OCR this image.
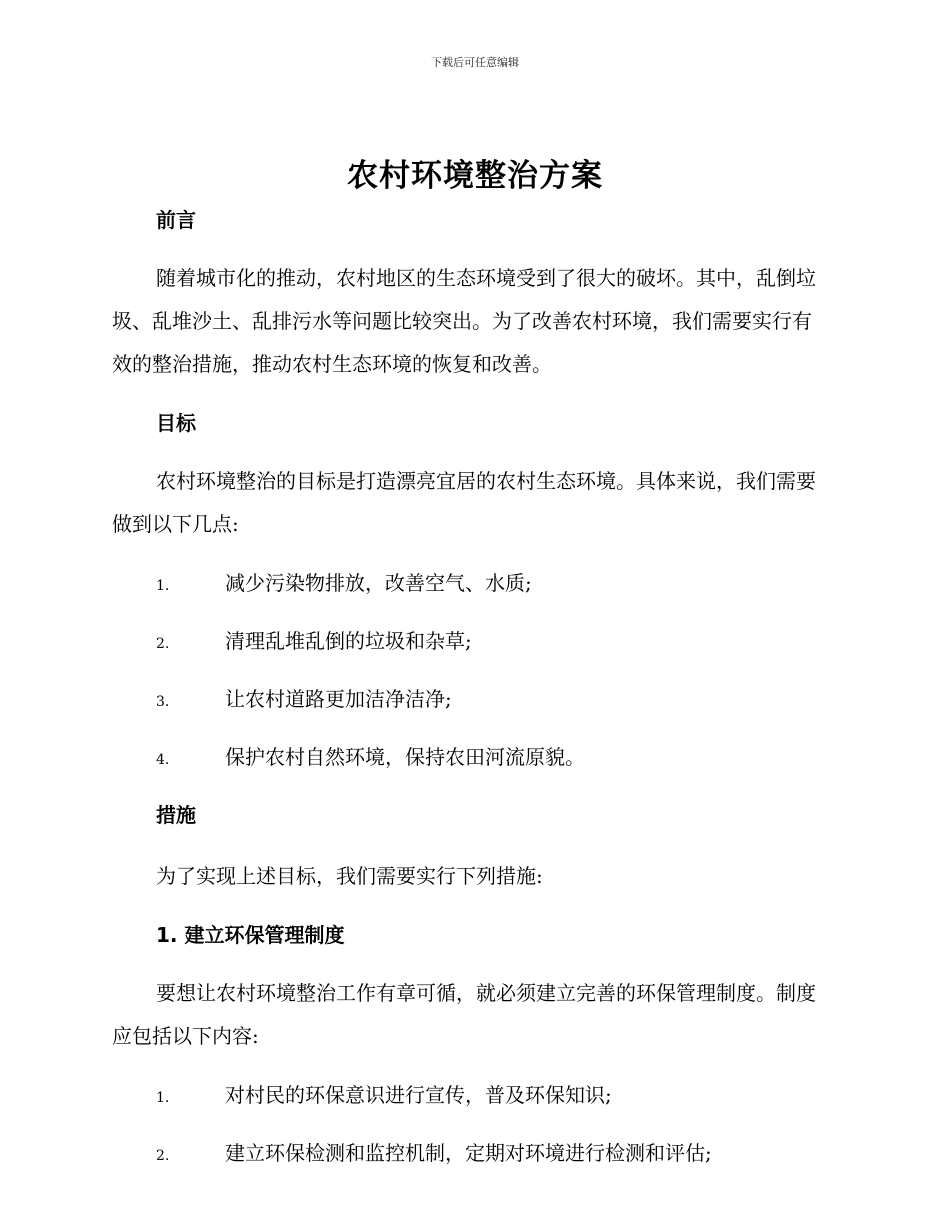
下载后可任意编辑
农村环境整治方案
前言

随着城市化的推动，农村地区的生态环境受到了很大的破坏。其中，乱倒垃圾、乱堆沙土、乱排污水等问题比较突出。为了改善农村环境，我们需要实行有效的整治措施，推动农村生态环境的恢复和改善。

目标

农村环境整治的目标是打造漂亮宜居的农村生态环境。具体来说，我们需要做到以下几点:

1.	减少污染物排放，改善空气、水质;
2.	清理乱堆乱倒的垃圾和杂草;
3.	让农村道路更加洁净洁净;
4.	保护农村自然环境，保持农田河流原貌。
措施

为了实现上述目标，我们需要实行下列措施:

1. 建立环保管理制度

要想让农村环境整治工作有章可循，就必须建立完善的环保管理制度。制度应包括以下内容:

1.	对村民的环保意识进行宣传，普及环保知识;
2.	建立环保检测和监控机制，定期对环境进行检测和评估;
